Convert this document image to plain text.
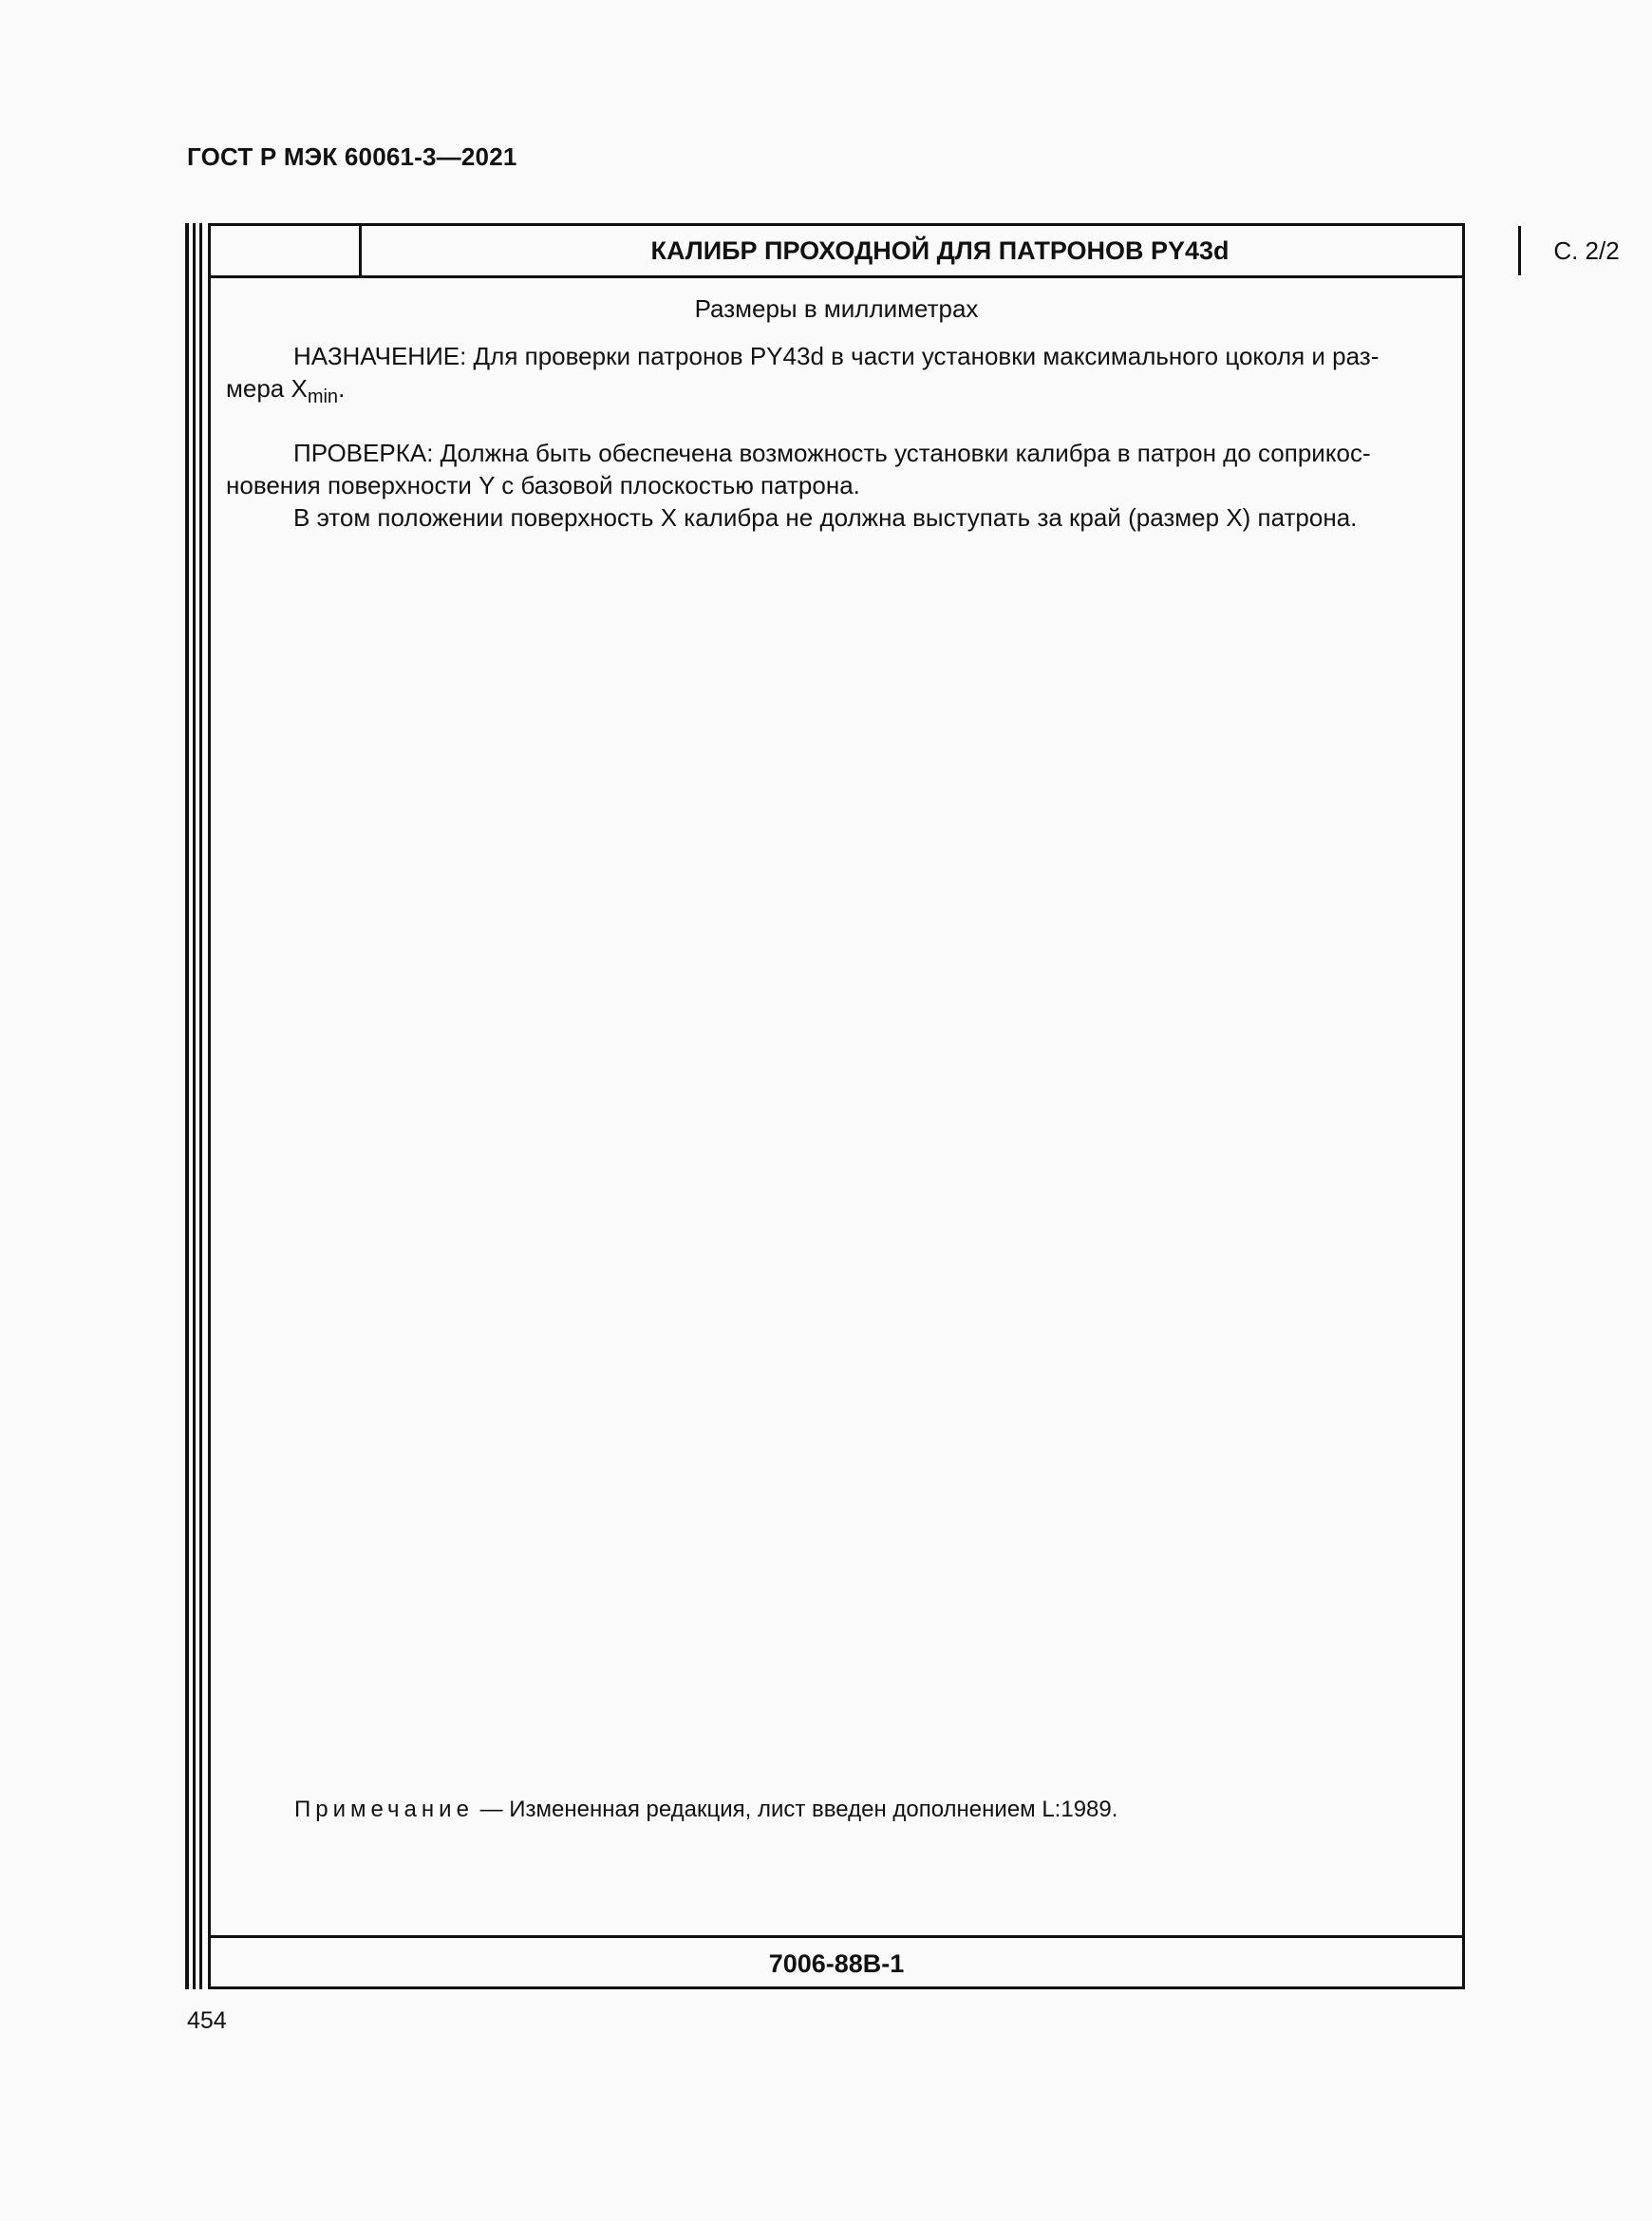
ГОСТ Р МЭК 60061-3—2021
КАЛИБР ПРОХОДНОЙ ДЛЯ ПАТРОНОВ PY43d	С. 2/2
Размеры в миллиметрах
НАЗНАЧЕНИЕ: Для проверки патронов PY43d в части установки максимального цоколя и раз-

мера $X_{min}$.
ПРОВЕРКА: Должна быть обеспечена возможность установки калибра в патрон до соприкос-
новения поверхности Y с базовой плоскостью патрона.
В этом положении поверхность X калибра не должна выступать за край (размер X) патрона.
Примечание — Измененная редакция, лист введен дополнением L:1989.
7006-88В-1
454
